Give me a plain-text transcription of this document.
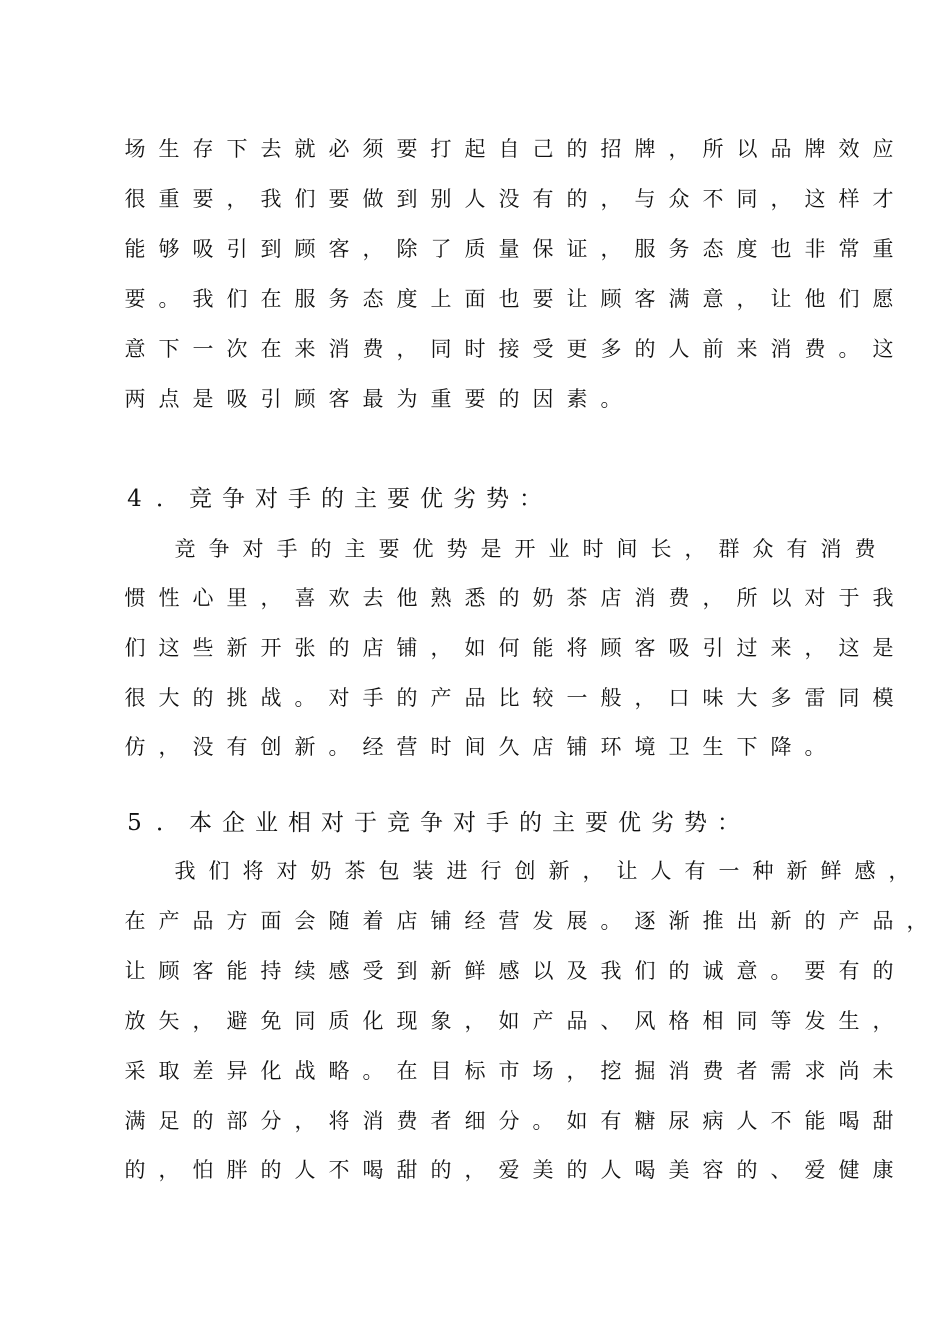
场 生 存 下 去 就 必 须 要 打 起 自 己 的 招 牌 ， 所 以 品 牌 效 应
很 重 要 ， 我 们 要 做 到 别 人 没 有 的 ， 与 众 不 同 ， 这 样 才
能 够 吸 引 到 顾 客 ， 除 了 质 量 保 证 ， 服 务 态 度 也 非 常 重
要 。 我 们 在 服 务 态 度 上 面 也 要 让 顾 客 满 意 ， 让 他 们 愿
意 下 一 次 在 来 消 费 ， 同 时 接 受 更 多 的 人 前 来 消 费 。 这
两 点 是 吸 引 顾 客 最 为 重 要 的 因 素 。
4 ． 竞 争 对 手 的 主 要 优 劣 势 ：
竞 争 对 手 的 主 要 优 势 是 开 业 时 间 长 ， 群 众 有 消 费
惯 性 心 里 ， 喜 欢 去 他 熟 悉 的 奶 茶 店 消 费 ， 所 以 对 于 我
们 这 些 新 开 张 的 店 铺 ， 如 何 能 将 顾 客 吸 引 过 来 ， 这 是
很 大 的 挑 战 。 对 手 的 产 品 比 较 一 般 ， 口 味 大 多 雷 同 模
仿 ， 没 有 创 新 。 经 营 时 间 久 店 铺 环 境 卫 生 下 降 。
5 ． 本 企 业 相 对 于 竞 争 对 手 的 主 要 优 劣 势 ：
我 们 将 对 奶 茶 包 装 进 行 创 新 ， 让 人 有 一 种 新 鲜 感 ，
在 产 品 方 面 会 随 着 店 铺 经 营 发 展 。 逐 渐 推 出 新 的 产 品 ，
让 顾 客 能 持 续 感 受 到 新 鲜 感 以 及 我 们 的 诚 意 。 要 有 的
放 矢 ， 避 免 同 质 化 现 象 ， 如 产 品 、 风 格 相 同 等 发 生 ，
采 取 差 异 化 战 略 。 在 目 标 市 场 ， 挖 掘 消 费 者 需 求 尚 未
满 足 的 部 分 ， 将 消 费 者 细 分 。 如 有 糖 尿 病 人 不 能 喝 甜
的 ， 怕 胖 的 人 不 喝 甜 的 ， 爱 美 的 人 喝 美 容 的 、 爱 健 康
